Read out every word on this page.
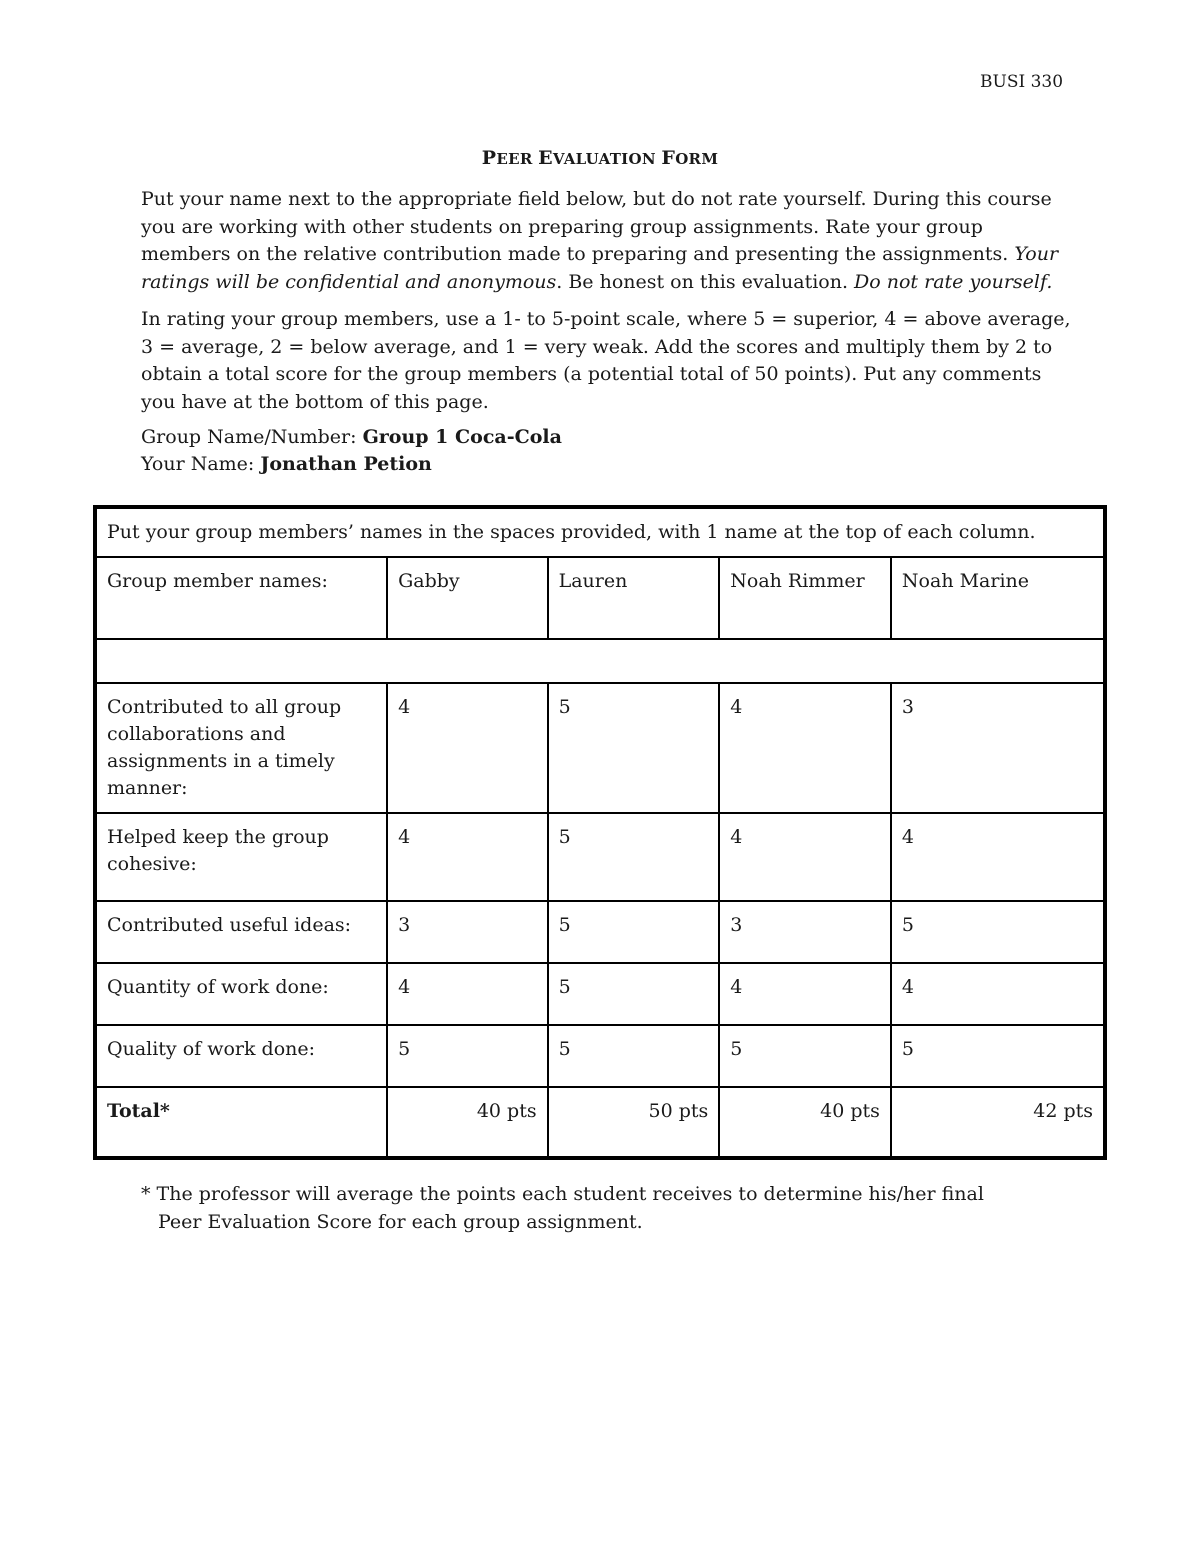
BUSI 330
PEER EVALUATION FORM
Put your name next to the appropriate field below, but do not rate yourself. During this course you are working with other students on preparing group assignments. Rate your group members on the relative contribution made to preparing and presenting the assignments. Your ratings will be confidential and anonymous. Be honest on this evaluation. Do not rate yourself.
In rating your group members, use a 1- to 5-point scale, where 5 = superior, 4 = above average, 3 = average, 2 = below average, and 1 = very weak. Add the scores and multiply them by 2 to obtain a total score for the group members (a potential total of 50 points). Put any comments you have at the bottom of this page.
Group Name/Number: Group 1 Coca-Cola
Your Name: Jonathan Petion
Put your group members’ names in the spaces provided, with 1 name at the top of each column.				
Group member names:	Gabby	Lauren	Noah Rimmer	Noah Marine

Contributed to all group collaborations and assignments in a timely manner:	4	5	4	3
Helped keep the group cohesive:	4	5	4	4
Contributed useful ideas:	3	5	3	5
Quantity of work done:	4	5	4	4
Quality of work done:	5	5	5	5
Total*	40 pts	50 pts	40 pts	42 pts
* The professor will average the points each student receives to determine his/her final
Peer Evaluation Score for each group assignment.
